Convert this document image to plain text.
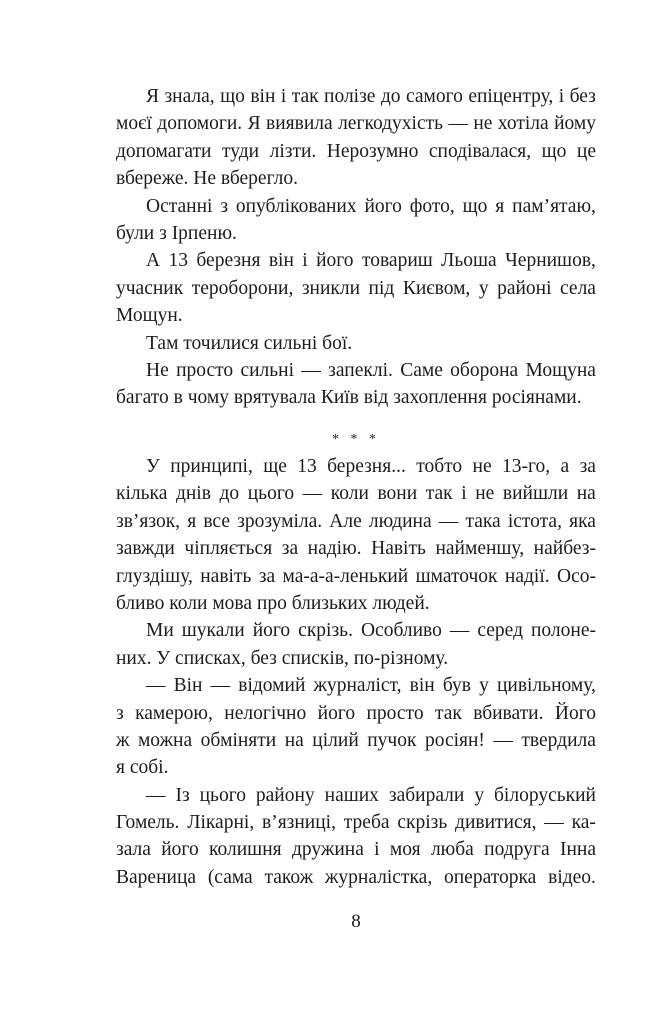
Я знала, що він і так полізе до самого епіцентру, і без
моєї допомоги. Я виявила легкодухість — не хотіла йому
допомагати туди лізти. Нерозумно сподівалася, що це
вбереже. Не вберегло.
Останні з опублікованих його фото, що я пам’ятаю,
були з Ірпеню.
А 13 березня він і його товариш Льоша Чернишов,
учасник тероборони, зникли під Києвом, у районі села
Мощун.
Там точилися сильні бої.
Не просто сильні — запеклі. Саме оборона Мощуна
багато в чому врятувала Київ від захоплення росіянами.
* * *
У принципі, ще 13 березня... тобто не 13-го, а за
кілька днів до цього — коли вони так і не вийшли на
зв’язок, я все зрозуміла. Але людина — така істота, яка
завжди чіпляється за надію. Навіть найменшу, найбез-
глуздішу, навіть за ма-а-а-ленький шматочок надії. Осо-
бливо коли мова про близьких людей.
Ми шукали його скрізь. Особливо — серед полоне-
них. У списках, без списків, по-різному.
— Він — відомий журналіст, він був у цивільному,
з камерою, нелогічно його просто так вбивати. Його
ж можна обміняти на цілий пучок росіян! — твердила
я собі.
— Із цього району наших забирали у білоруський
Гомель. Лікарні, в’язниці, треба скрізь дивитися, — ка-
зала його колишня дружина і моя люба подруга Інна
Вареница (сама також журналістка, операторка відео.
8
